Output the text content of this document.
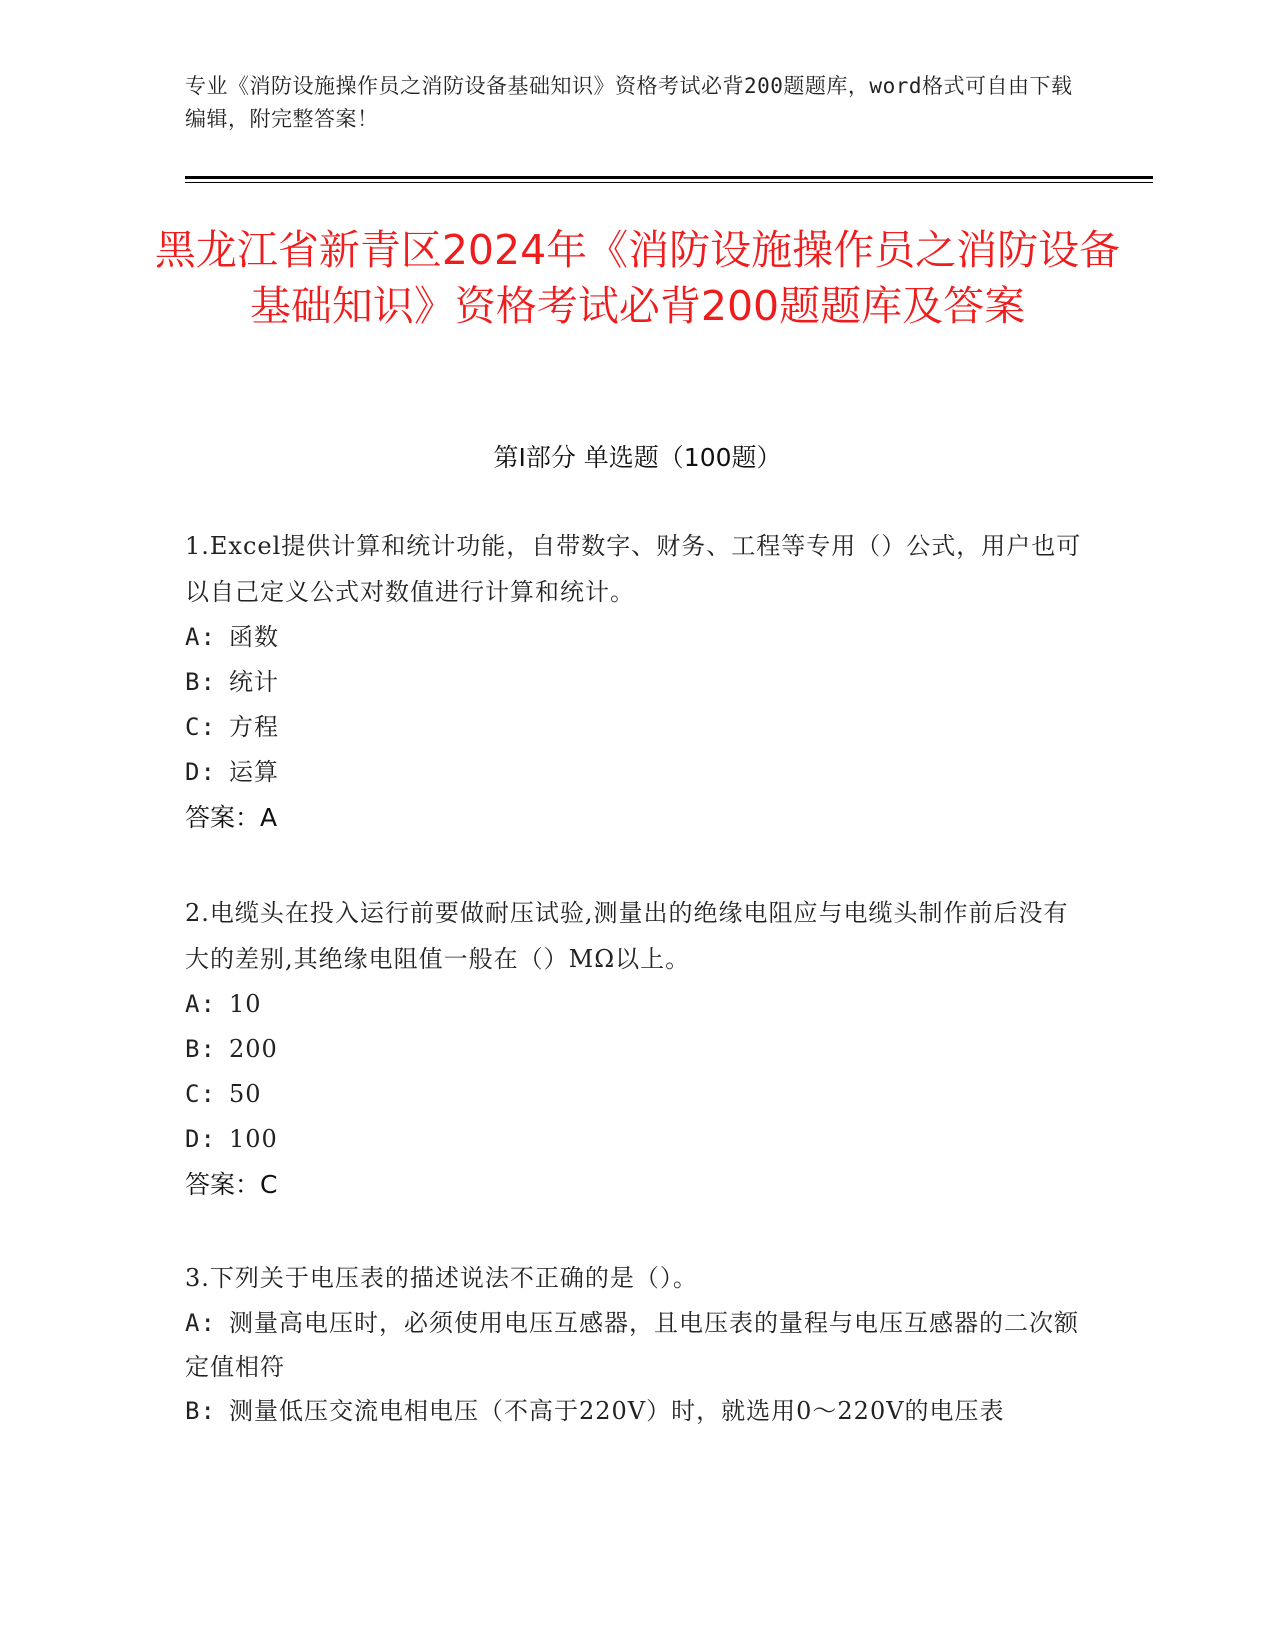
专业《消防设施操作员之消防设备基础知识》资格考试必背200题题库，word格式可自由下载编辑，附完整答案！
黑龙江省新青区2024年《消防设施操作员之消防设备基础知识》资格考试必背200题题库及答案
第I部分 单选题（100题）

1.Excel提供计算和统计功能，自带数字、财务、工程等专用（）公式，用户也可以自己定义公式对数值进行计算和统计。

A: 函数

B: 统计

C: 方程

D: 运算

答案：A

2.电缆头在投入运行前要做耐压试验,测量出的绝缘电阻应与电缆头制作前后没有大的差别,其绝缘电阻值一般在（）MΩ以上。

A: 10

B: 200

C: 50

D: 100

答案：C

3.下列关于电压表的描述说法不正确的是（）。

A: 测量高电压时，必须使用电压互感器，且电压表的量程与电压互感器的二次额定值相符

B: 测量低压交流电相电压（不高于220V）时，就选用0～220V的电压表
